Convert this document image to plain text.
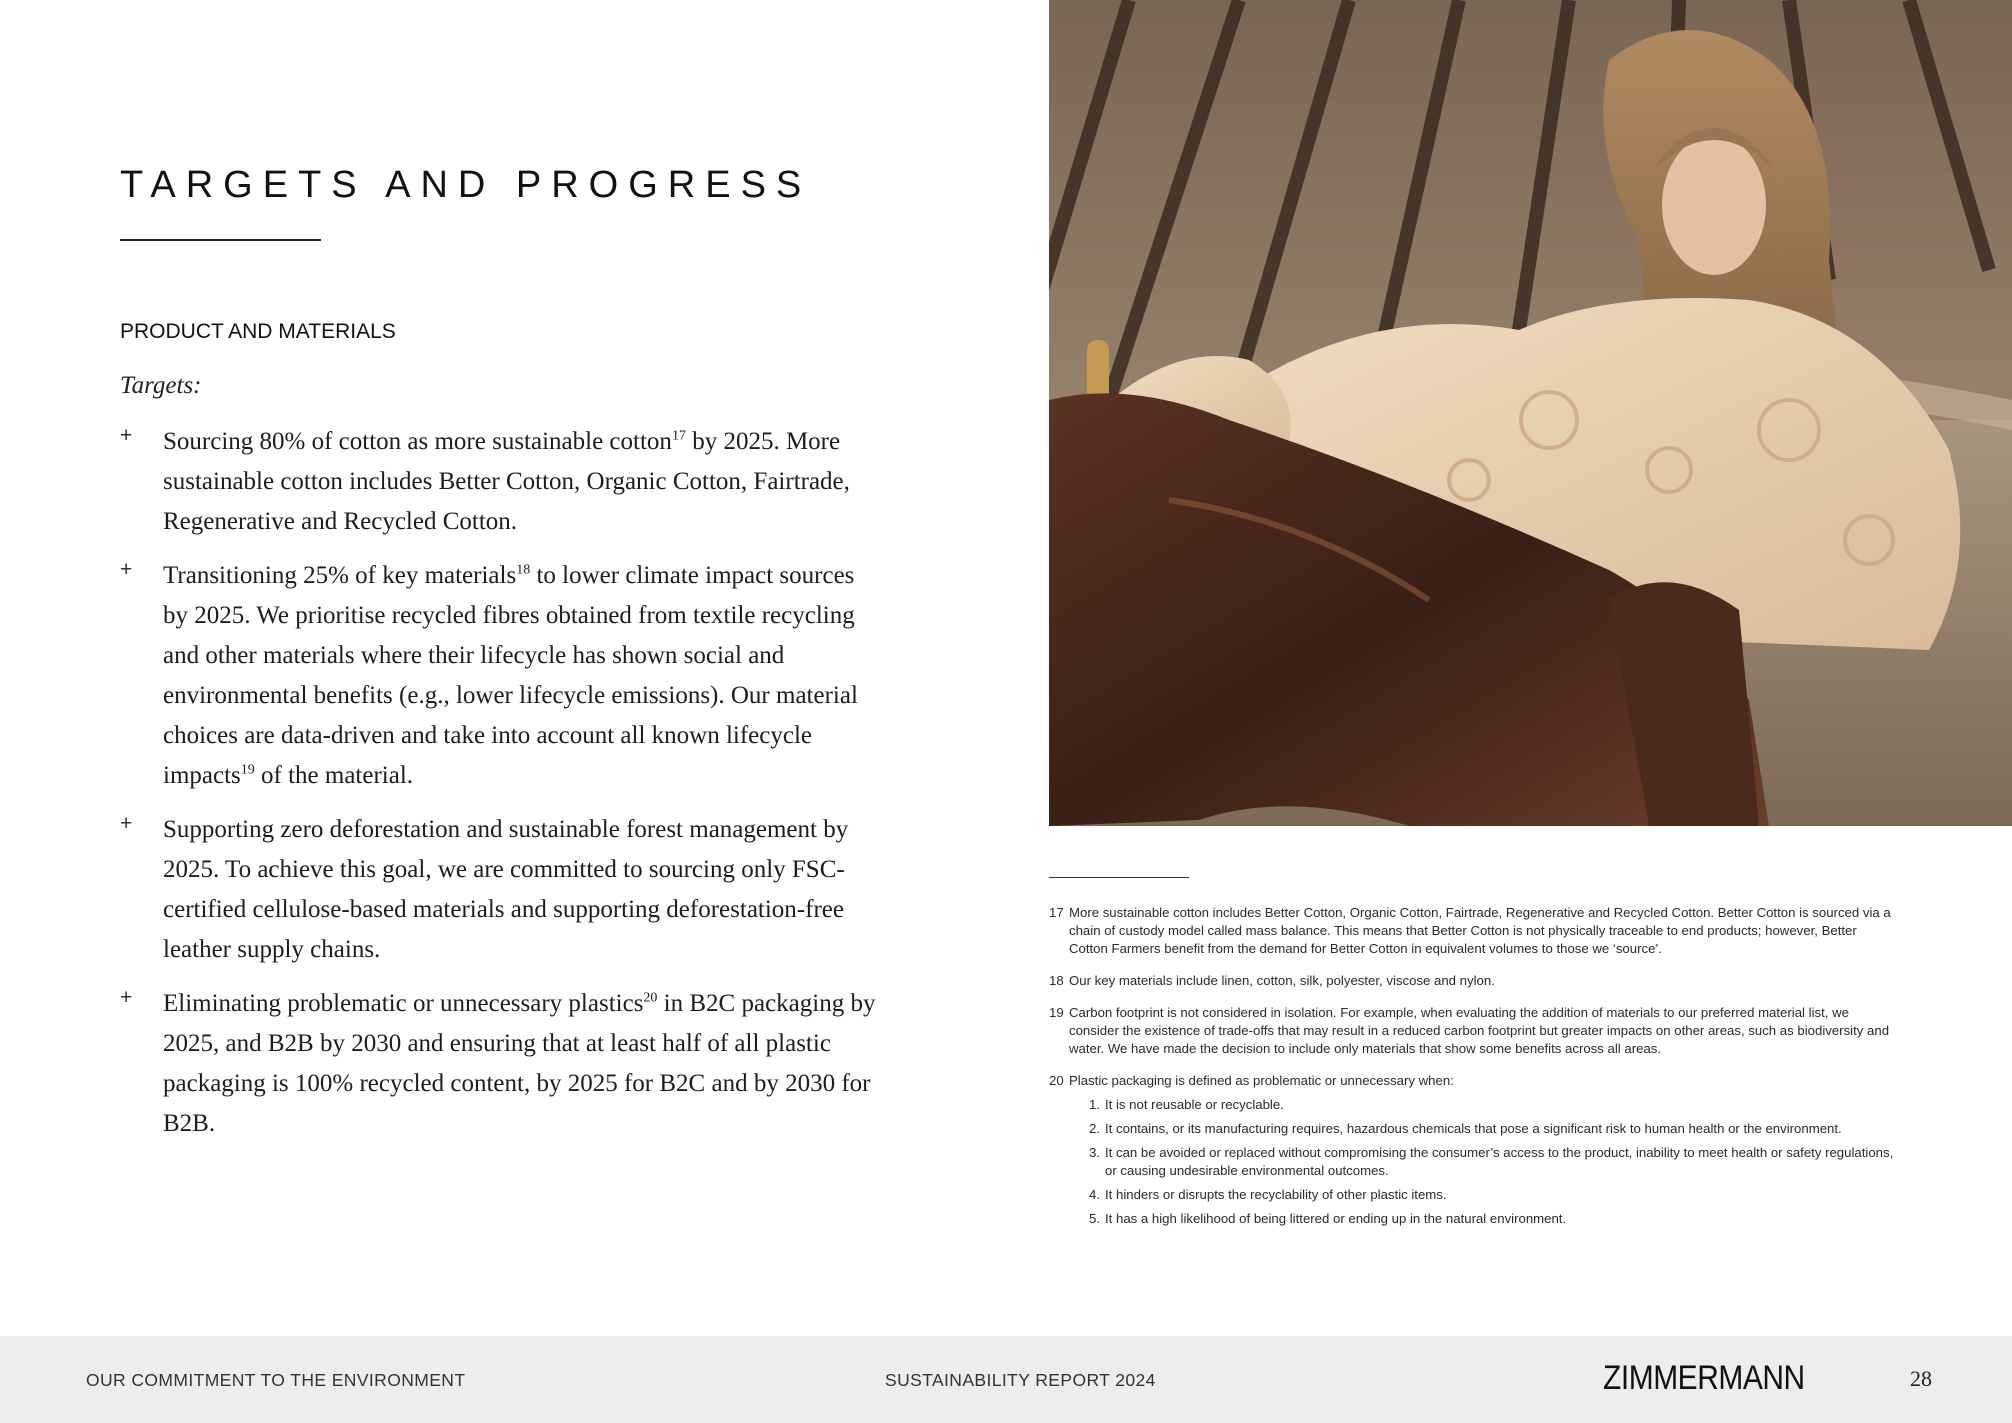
TARGETS AND PROGRESS
PRODUCT AND MATERIALS
Targets:
+ Sourcing 80% of cotton as more sustainable cotton$^{17}$ by 2025. More sustainable cotton includes Better Cotton, Organic Cotton, Fairtrade, Regenerative and Recycled Cotton.
+ Transitioning 25% of key materials$^{18}$ to lower climate impact sources by 2025. We prioritise recycled fibres obtained from textile recycling and other materials where their lifecycle has shown social and environmental benefits (e.g., lower lifecycle emissions). Our material choices are data-driven and take into account all known lifecycle impacts$^{19}$ of the material.
+ Supporting zero deforestation and sustainable forest management by 2025. To achieve this goal, we are committed to sourcing only FSC-certified cellulose-based materials and supporting deforestation-free leather supply chains.
+ Eliminating problematic or unnecessary plastics$^{20}$ in B2C packaging by 2025, and B2B by 2030 and ensuring that at least half of all plastic packaging is 100% recycled content, by 2025 for B2C and by 2030 for B2B.
17 More sustainable cotton includes Better Cotton, Organic Cotton, Fairtrade, Regenerative and Recycled Cotton. Better Cotton is sourced via a chain of custody model called mass balance. This means that Better Cotton is not physically traceable to end products; however, Better Cotton Farmers benefit from the demand for Better Cotton in equivalent volumes to those we ‘source’.
18 Our key materials include linen, cotton, silk, polyester, viscose and nylon.
19 Carbon footprint is not considered in isolation. For example, when evaluating the addition of materials to our preferred material list, we consider the existence of trade-offs that may result in a reduced carbon footprint but greater impacts on other areas, such as biodiversity and water. We have made the decision to include only materials that show some benefits across all areas.
20 Plastic packaging is defined as problematic or unnecessary when:
1. It is not reusable or recyclable.
2. It contains, or its manufacturing requires, hazardous chemicals that pose a significant risk to human health or the environment.
3. It can be avoided or replaced without compromising the consumer’s access to the product, inability to meet health or safety regulations, or causing undesirable environmental outcomes.
4. It hinders or disrupts the recyclability of other plastic items.
5. It has a high likelihood of being littered or ending up in the natural environment.
OUR COMMITMENT TO THE ENVIRONMENT	SUSTAINABILITY REPORT 2024	ZIMMERMANN	28
